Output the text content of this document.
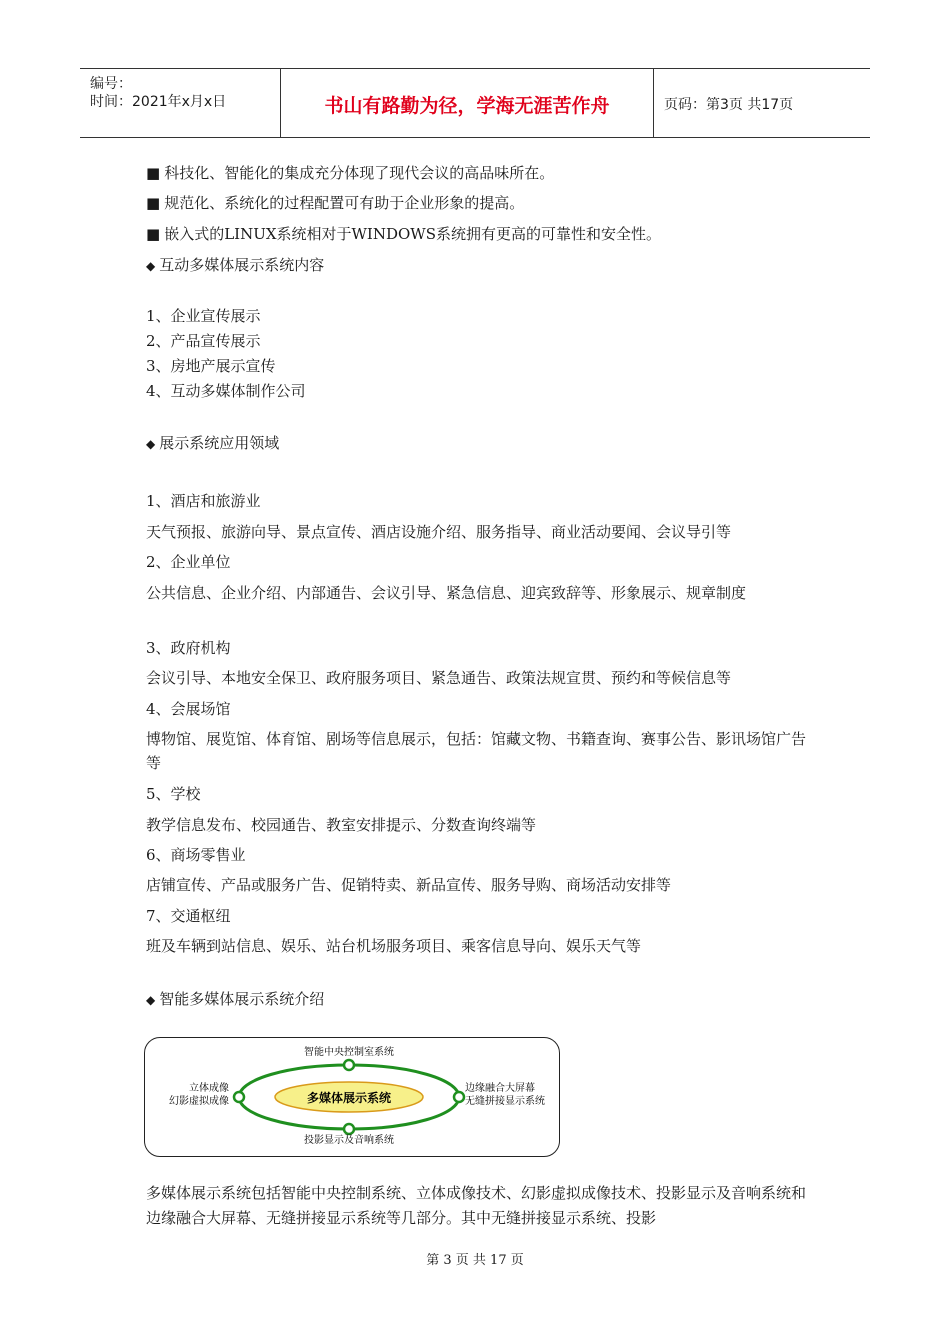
编号：
时间：2021年x月x日	书山有路勤为径，学海无涯苦作舟	页码：第3页 共17页
■ 科技化、智能化的集成充分体现了现代会议的高品味所在。
■ 规范化、系统化的过程配置可有助于企业形象的提高。
■ 嵌入式的LINUX系统相对于WINDOWS系统拥有更高的可靠性和安全性。
◆ 互动多媒体展示系统内容
1、企业宣传展示
2、产品宣传展示
3、房地产展示宣传
4、互动多媒体制作公司
◆ 展示系统应用领域
1、酒店和旅游业
天气预报、旅游向导、景点宣传、酒店设施介绍、服务指导、商业活动要闻、会议导引等
2、企业单位
公共信息、企业介绍、内部通告、会议引导、紧急信息、迎宾致辞等、形象展示、规章制度
3、政府机构
会议引导、本地安全保卫、政府服务项目、紧急通告、政策法规宣贯、预约和等候信息等
4、会展场馆
博物馆、展览馆、体育馆、剧场等信息展示，包括：馆藏文物、书籍查询、赛事公告、影讯场馆广告等
5、学校
教学信息发布、校园通告、教室安排提示、分数查询终端等
6、商场零售业
店铺宣传、产品或服务广告、促销特卖、新品宣传、服务导购、商场活动安排等
7、交通枢纽
班及车辆到站信息、娱乐、站台机场服务项目、乘客信息导向、娱乐天气等
◆ 智能多媒体展示系统介绍
多媒体展示系统
智能中央控制室系统
投影显示及音响系统
立体成像
幻影虚拟成像
边缘融合大屏幕
无缝拼接显示系统
多媒体展示系统包括智能中央控制系统、立体成像技术、幻影虚拟成像技术、投影显示及音响系统和边缘融合大屏幕、无缝拼接显示系统等几部分。其中无缝拼接显示系统、投影
第 3 页 共 17 页
